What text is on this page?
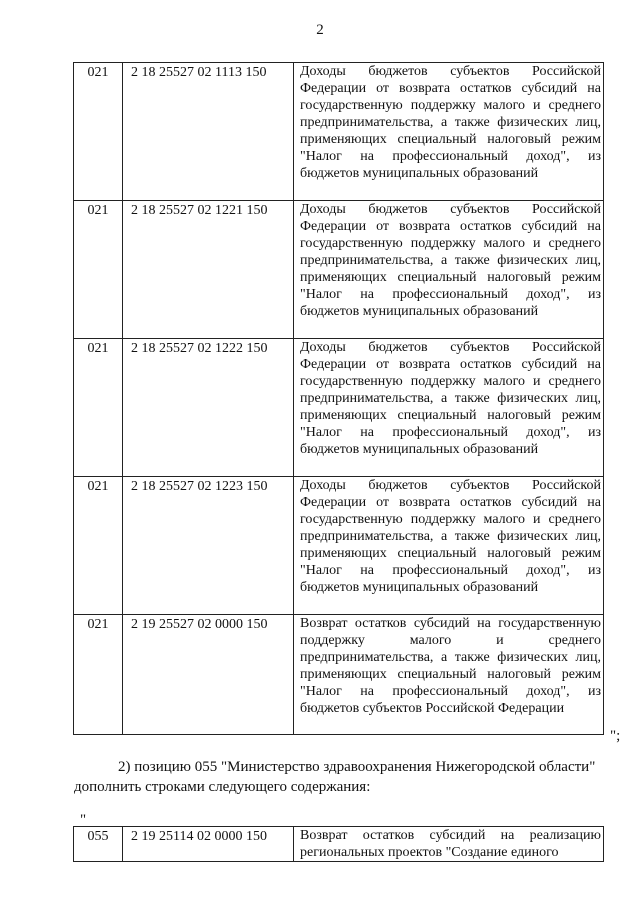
2
021	2 18 25527 02 1113 150	Доходы бюджетов субъектов Российской Федерации от возврата остатков субсидий на государственную поддержку малого и среднего предпринимательства, а также физических лиц, применяющих специальный налоговый режим "Налог на профессиональный доход", из бюджетов муниципальных образований

021	2 18 25527 02 1221 150	Доходы бюджетов субъектов Российской Федерации от возврата остатков субсидий на государственную поддержку малого и среднего предпринимательства, а также физических лиц, применяющих специальный налоговый режим "Налог на профессиональный доход", из бюджетов муниципальных образований

021	2 18 25527 02 1222 150	Доходы бюджетов субъектов Российской Федерации от возврата остатков субсидий на государственную поддержку малого и среднего предпринимательства, а также физических лиц, применяющих специальный налоговый режим "Налог на профессиональный доход", из бюджетов муниципальных образований

021	2 18 25527 02 1223 150	Доходы бюджетов субъектов Российской Федерации от возврата остатков субсидий на государственную поддержку малого и среднего предпринимательства, а также физических лиц, применяющих специальный налоговый режим "Налог на профессиональный доход", из бюджетов муниципальных образований

021	2 19 25527 02 0000 150	Возврат остатков субсидий на государственную поддержку малого и среднего предпринимательства, а также физических лиц, применяющих специальный налоговый режим "Налог на профессиональный доход", из бюджетов субъектов Российской Федерации
";
2) позицию 055 "Министерство здравоохранения Нижегородской области"
дополнить строками следующего содержания:
"
055	2 19 25114 02 0000 150	Возврат остатков субсидий на реализацию региональных проектов "Создание единого
